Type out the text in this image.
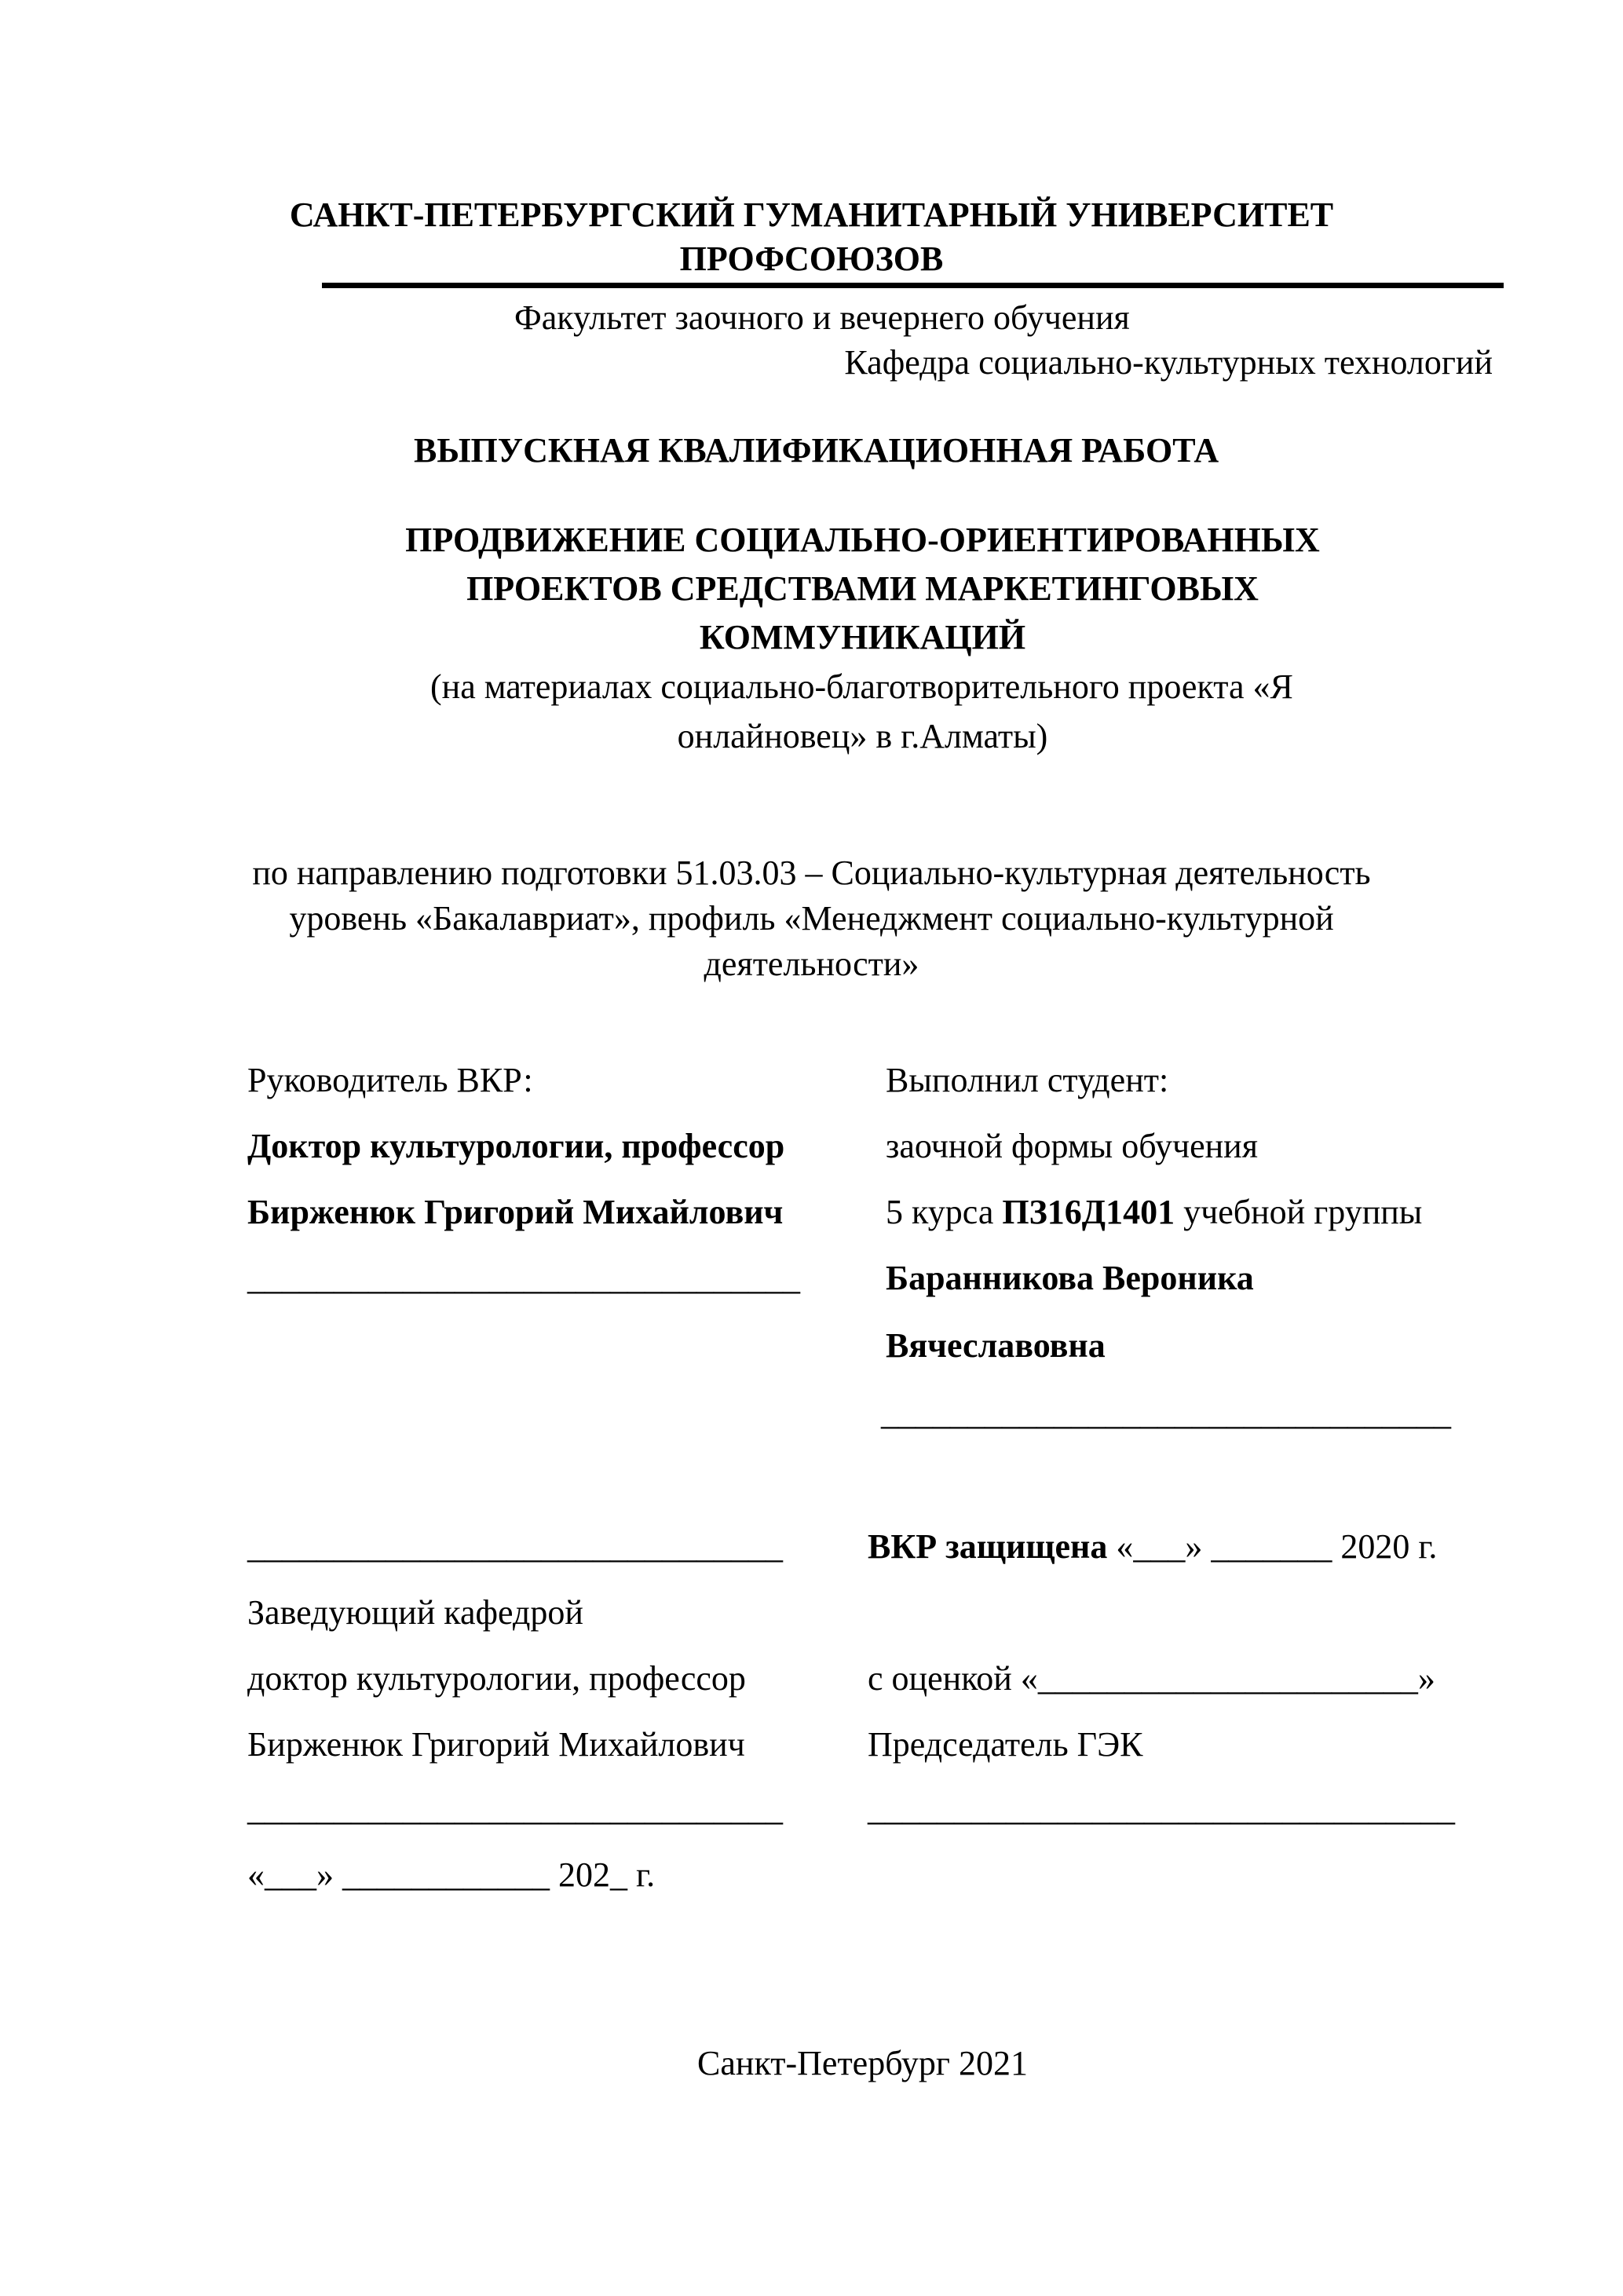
САНКТ-ПЕТЕРБУРГСКИЙ ГУМАНИТАРНЫЙ УНИВЕРСИТЕТ
ПРОФСОЮЗОВ
Факультет заочного и вечернего обучения
Кафедра социально-культурных технологий
ВЫПУСКНАЯ КВАЛИФИКАЦИОННАЯ РАБОТА
ПРОДВИЖЕНИЕ СОЦИАЛЬНО-ОРИЕНТИРОВАННЫХ
ПРОЕКТОВ СРЕДСТВАМИ МАРКЕТИНГОВЫХ
КОММУНИКАЦИЙ
(на материалах социально-благотворительного проекта «Я
онлайновец» в г.Алматы)
по направлению подготовки 51.03.03 – Социально-культурная деятельность
уровень «Бакалавриат», профиль «Менеджмент социально-культурной
деятельности»
Руководитель ВКР:
Доктор культурологии, профессор
Бирженюк Григорий Михайлович
________________________________
Выполнил студент:
заочной формы обучения
5 курса ПЗ16Д1401 учебной группы
Баранникова Вероника
Вячеславовна
_________________________________
_______________________________
Заведующий кафедрой
доктор культурологии, профессор
Бирженюк Григорий Михайлович
_______________________________
«___» ____________ 202_ г.
ВКР защищена «___» _______ 2020 г.
с оценкой «______________________»
Председатель ГЭК
__________________________________
Санкт-Петербург 2021
